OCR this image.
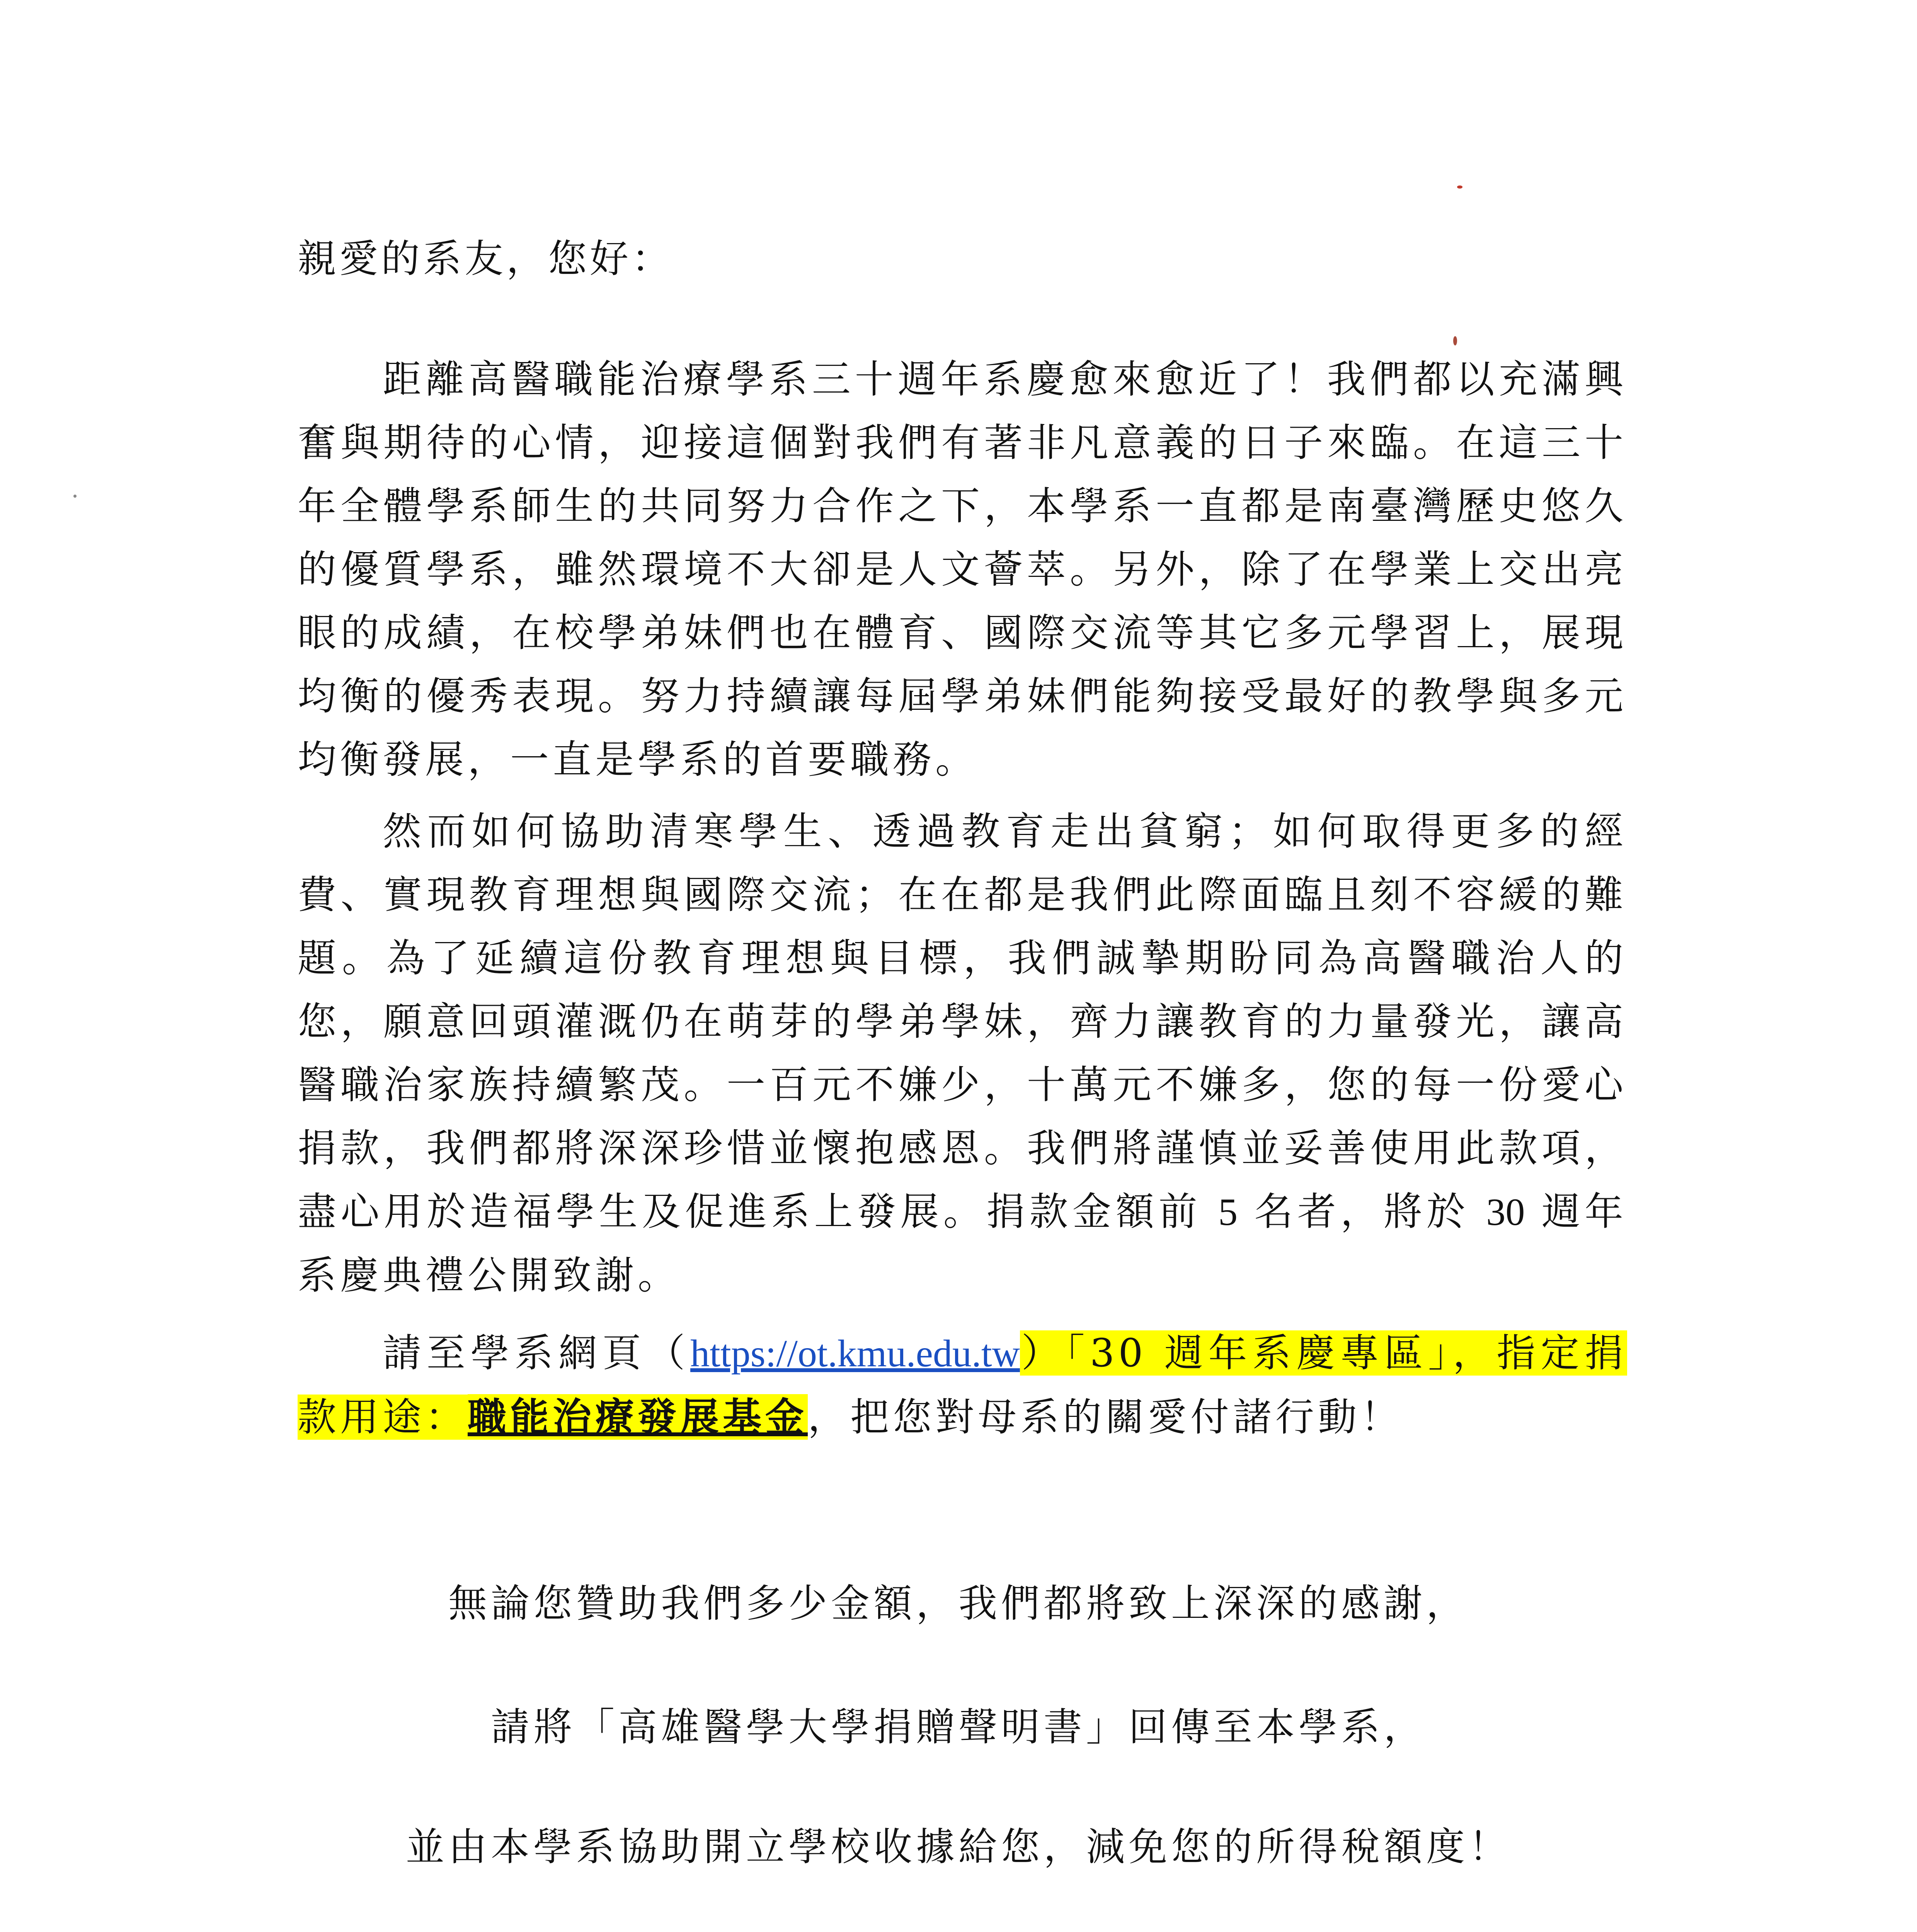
親愛的系友，您好：

距離高醫職能治療學系三十週年系慶愈來愈近了！我們都以充滿興奮與期待的心情，迎接這個對我們有著非凡意義的日子來臨。在這三十年全體學系師生的共同努力合作之下，本學系一直都是南臺灣歷史悠久的優質學系，雖然環境不大卻是人文薈萃。另外，除了在學業上交出亮眼的成績，在校學弟妹們也在體育、國際交流等其它多元學習上，展現均衡的優秀表現。努力持續讓每屆學弟妹們能夠接受最好的教學與多元均衡發展，一直是學系的首要職務。

然而如何協助清寒學生、透過教育走出貧窮；如何取得更多的經費、實現教育理想與國際交流；在在都是我們此際面臨且刻不容緩的難題。為了延續這份教育理想與目標，我們誠摯期盼同為高醫職治人的您，願意回頭灌溉仍在萌芽的學弟學妹，齊力讓教育的力量發光，讓高醫職治家族持續繁茂。一百元不嫌少，十萬元不嫌多，您的每一份愛心捐款，我們都將深深珍惜並懷抱感恩。我們將謹慎並妥善使用此款項，盡心用於造福學生及促進系上發展。捐款金額前 5 名者，將於 30 週年系慶典禮公開致謝。

請至學系網頁（https://ot.kmu.edu.tw）「30 週年系慶專區」，指定捐款用途：職能治療發展基金，把您對母系的關愛付諸行動！

無論您贊助我們多少金額，我們都將致上深深的感謝，
請將「高雄醫學大學捐贈聲明書」回傳至本學系，
並由本學系協助開立學校收據給您，減免您的所得稅額度！
